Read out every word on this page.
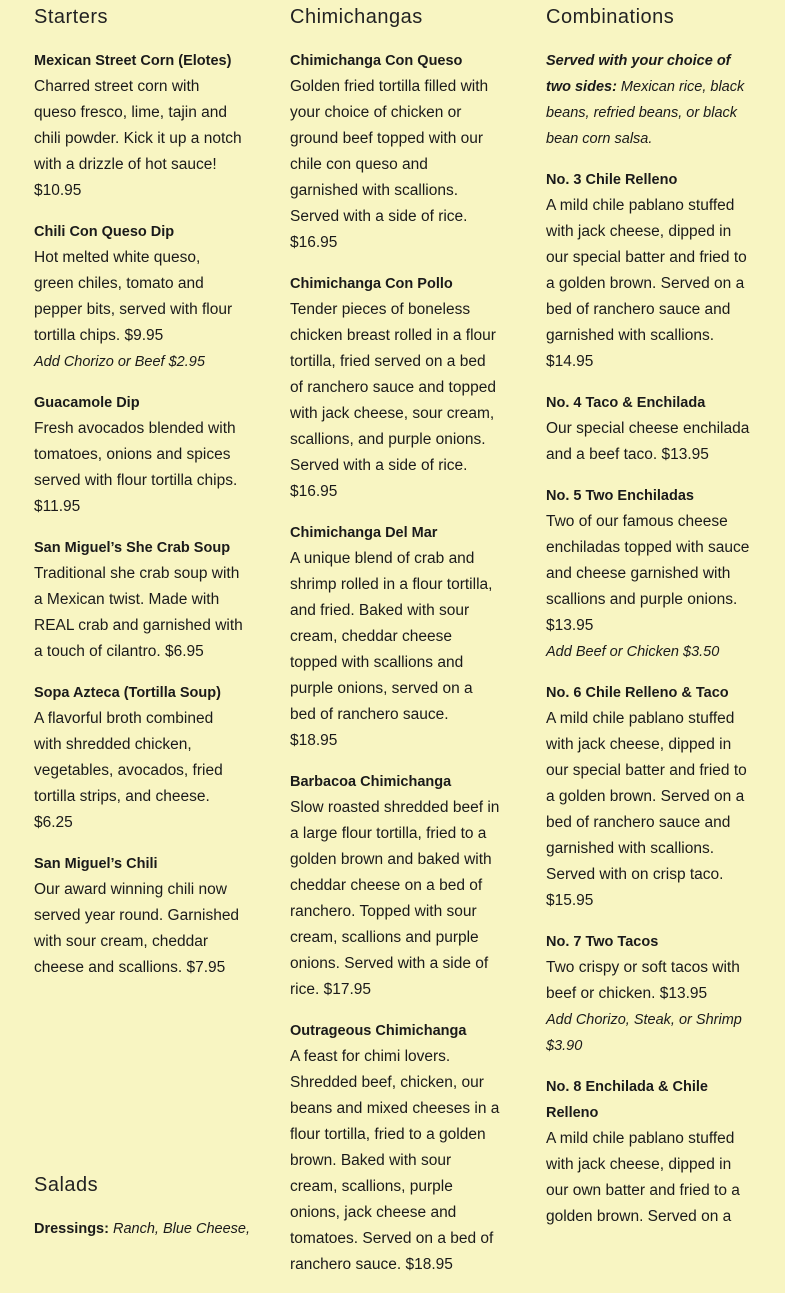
Starters
Mexican Street Corn (Elotes)
Charred street corn with queso fresco, lime, tajin and chili powder. Kick it up a notch with a drizzle of hot sauce! $10.95
Chili Con Queso Dip
Hot melted white queso, green chiles, tomato and pepper bits, served with flour tortilla chips. $9.95
Add Chorizo or Beef $2.95
Guacamole Dip
Fresh avocados blended with tomatoes, onions and spices served with flour tortilla chips. $11.95
San Miguel’s She Crab Soup
Traditional she crab soup with a Mexican twist. Made with REAL crab and garnished with a touch of cilantro. $6.95
Sopa Azteca (Tortilla Soup)
A flavorful broth combined with shredded chicken, vegetables, avocados, fried tortilla strips, and cheese. $6.25
San Miguel’s Chili
Our award winning chili now served year round. Garnished with sour cream, cheddar cheese and scallions. $7.95
Chimichangas
Chimichanga Con Queso
Golden fried tortilla filled with your choice of chicken or ground beef topped with our chile con queso and garnished with scallions. Served with a side of rice. $16.95
Chimichanga Con Pollo
Tender pieces of boneless chicken breast rolled in a flour tortilla, fried served on a bed of ranchero sauce and topped with jack cheese, sour cream, scallions, and purple onions. Served with a side of rice. $16.95
Chimichanga Del Mar
A unique blend of crab and shrimp rolled in a flour tortilla, and fried. Baked with sour cream, cheddar cheese topped with scallions and purple onions, served on a bed of ranchero sauce. $18.95
Barbacoa Chimichanga
Slow roasted shredded beef in a large flour tortilla, fried to a golden brown and baked with cheddar cheese on a bed of ranchero. Topped with sour cream, scallions and purple onions. Served with a side of rice. $17.95
Outrageous Chimichanga
A feast for chimi lovers. Shredded beef, chicken, our beans and mixed cheeses in a flour tortilla, fried to a golden brown. Baked with sour cream, scallions, purple onions, jack cheese and tomatoes. Served on a bed of ranchero sauce. $18.95
Combinations
Served with your choice of two sides: Mexican rice, black beans, refried beans, or black bean corn salsa.
No. 3 Chile Relleno
A mild chile pablano stuffed with jack cheese, dipped in our special batter and fried to a golden brown. Served on a bed of ranchero sauce and garnished with scallions. $14.95
No. 4 Taco & Enchilada
Our special cheese enchilada and a beef taco. $13.95
No. 5 Two Enchiladas
Two of our famous cheese enchiladas topped with sauce and cheese garnished with scallions and purple onions. $13.95
Add Beef or Chicken $3.50
No. 6 Chile Relleno & Taco
A mild chile pablano stuffed with jack cheese, dipped in our special batter and fried to a golden brown. Served on a bed of ranchero sauce and garnished with scallions. Served with on crisp taco. $15.95
No. 7 Two Tacos
Two crispy or soft tacos with beef or chicken. $13.95
Add Chorizo, Steak, or Shrimp $3.90
No. 8 Enchilada & Chile Relleno
A mild chile pablano stuffed with jack cheese, dipped in our own batter and fried to a golden brown. Served on a
Salads
Dressings: Ranch, Blue Cheese,
